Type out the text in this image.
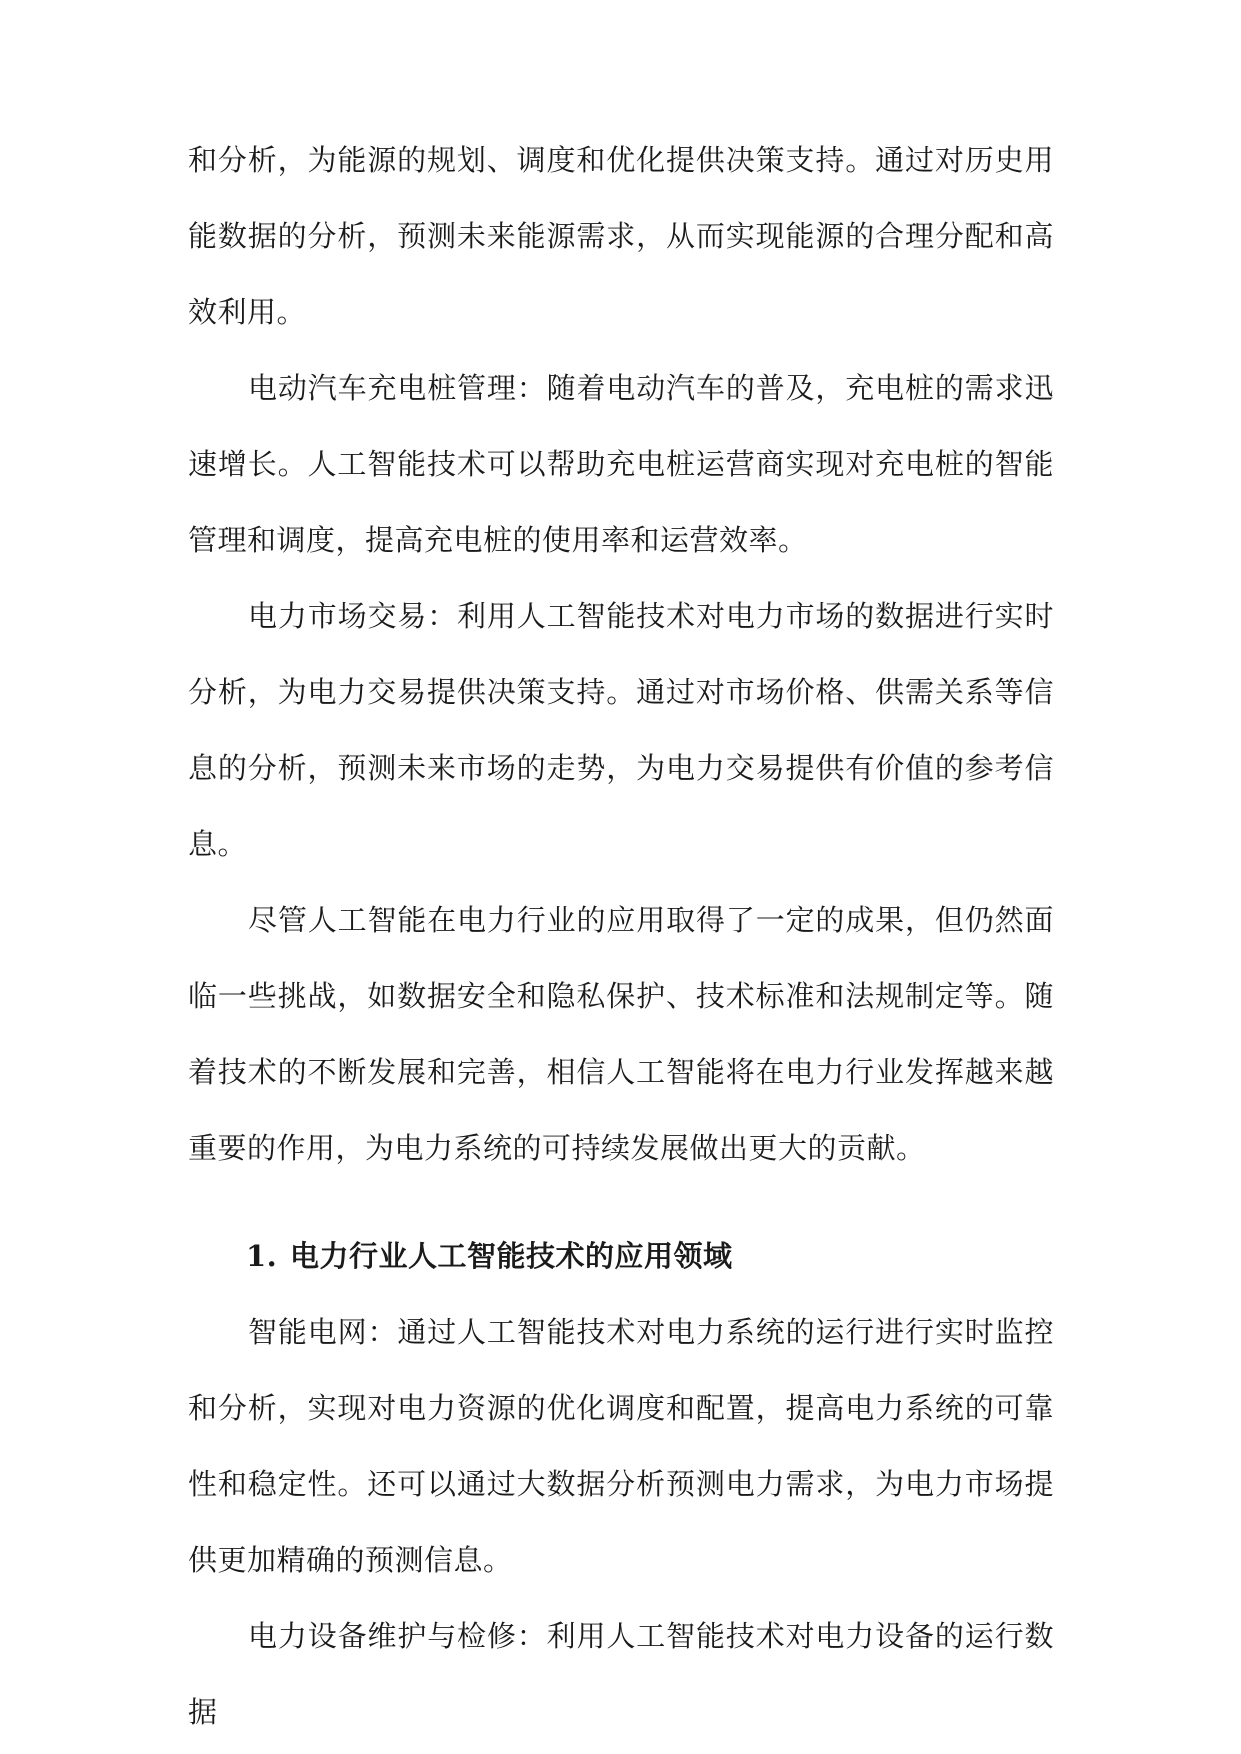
和分析，为能源的规划、调度和优化提供决策支持。通过对历史用能数据的分析，预测未来能源需求，从而实现能源的合理分配和高效利用。

电动汽车充电桩管理：随着电动汽车的普及，充电桩的需求迅速增长。人工智能技术可以帮助充电桩运营商实现对充电桩的智能管理和调度，提高充电桩的使用率和运营效率。

电力市场交易：利用人工智能技术对电力市场的数据进行实时分析，为电力交易提供决策支持。通过对市场价格、供需关系等信息的分析，预测未来市场的走势，为电力交易提供有价值的参考信息。

尽管人工智能在电力行业的应用取得了一定的成果，但仍然面临一些挑战，如数据安全和隐私保护、技术标准和法规制定等。随着技术的不断发展和完善，相信人工智能将在电力行业发挥越来越重要的作用，为电力系统的可持续发展做出更大的贡献。

1. 电力行业人工智能技术的应用领域

智能电网：通过人工智能技术对电力系统的运行进行实时监控和分析，实现对电力资源的优化调度和配置，提高电力系统的可靠性和稳定性。还可以通过大数据分析预测电力需求，为电力市场提供更加精确的预测信息。

电力设备维护与检修：利用人工智能技术对电力设备的运行数据
